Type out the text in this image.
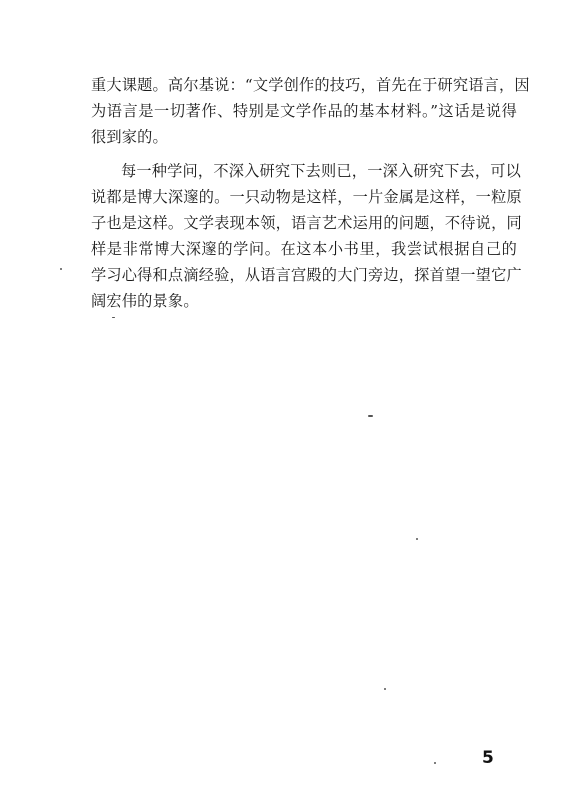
重大课题。高尔基说：“文学创作的技巧，首先在于研究语言，因
为语言是一切著作、特别是文学作品的基本材料。”这话是说得
很到家的。
每一种学问，不深入研究下去则已，一深入研究下去，可以
说都是博大深邃的。一只动物是这样，一片金属是这样，一粒原
子也是这样。文学表现本领，语言艺术运用的问题，不待说，同
样是非常博大深邃的学问。在这本小书里，我尝试根据自己的
学习心得和点滴经验，从语言宫殿的大门旁边，探首望一望它广
阔宏伟的景象。
5
